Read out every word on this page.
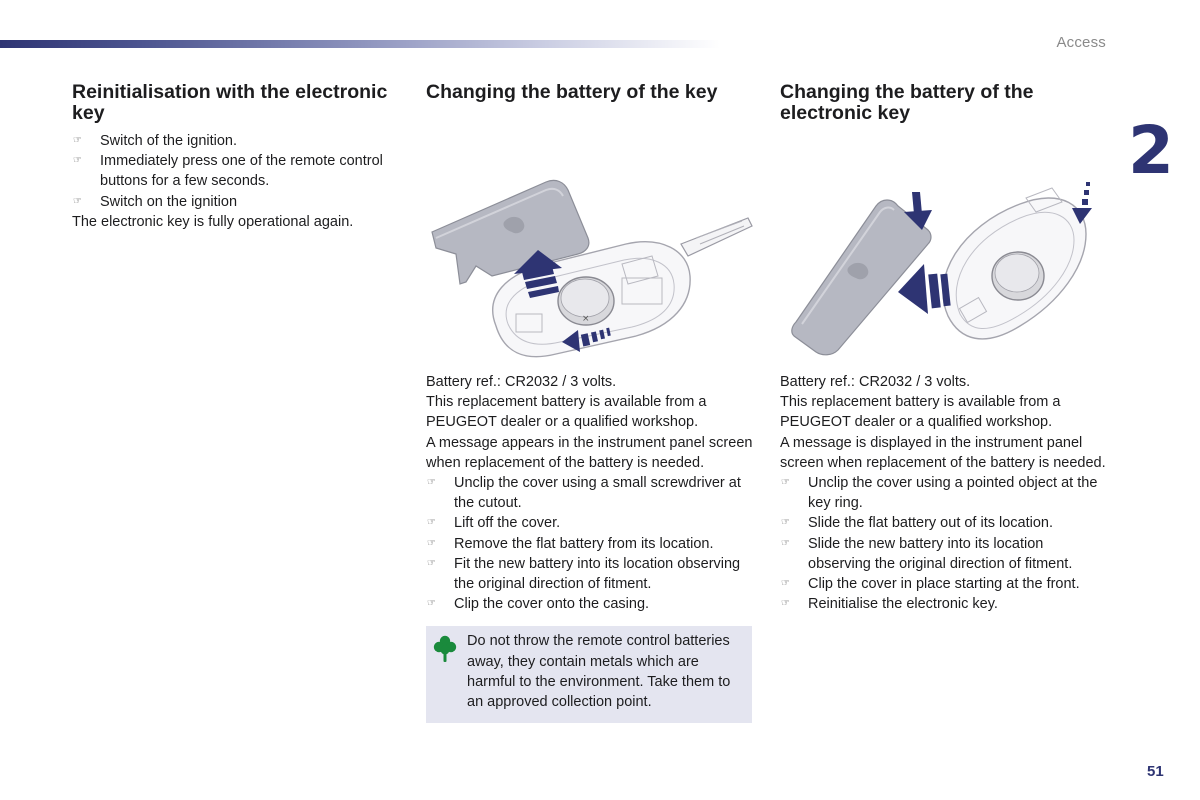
Access
2
51
Reinitialisation with the electronic key
☞ Switch of the ignition.
☞ Immediately press one of the remote control buttons for a few seconds.
☞ Switch on the ignition

The electronic key is fully operational again.

Changing the battery of the key
×

Battery ref.: CR2032 / 3 volts.

This replacement battery is available from a PEUGEOT dealer or a qualified workshop.

A message appears in the instrument panel screen when replacement of the battery is needed.

☞ Unclip the cover using a small screwdriver at the cutout.
☞ Lift off the cover.
☞ Remove the flat battery from its location.
☞ Fit the new battery into its location observing the original direction of fitment.
☞ Clip the cover onto the casing.
Do not throw the remote control batteries away, they contain metals which are harmful to the environment. Take them to an approved collection point.
Changing the battery of the electronic key

Battery ref.: CR2032 / 3 volts.

This replacement battery is available from a PEUGEOT dealer or a qualified workshop.

A message is displayed in the instrument panel screen when replacement of the battery is needed.

☞ Unclip the cover using a pointed object at the key ring.
☞ Slide the flat battery out of its location.
☞ Slide the new battery into its location observing the original direction of fitment.
☞ Clip the cover in place starting at the front.
☞ Reinitialise the electronic key.
